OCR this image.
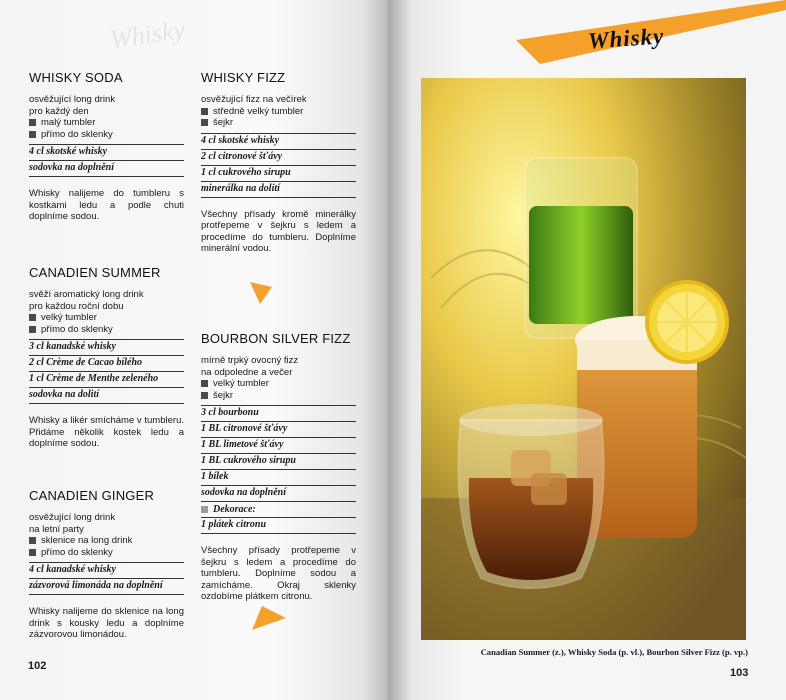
Whisky
WHISKY SODA
osvěžující long drink
pro každý den
malý tumbler
přímo do sklenky
4 cl skotské whisky
sodovka na doplnění
Whisky nalijeme do tumbleru s kostkami ledu a podle chuti doplníme sodou.
CANADIEN SUMMER
svěží aromatický long drink
pro každou roční dobu
velký tumbler
přímo do sklenky
3 cl kanadské whisky
2 cl Crème de Cacao bílého
1 cl Crème de Menthe zeleného
sodovka na dolití
Whisky a likér smícháme v tumbleru. Přidáme několik kostek ledu a doplníme sodou.
CANADIEN GINGER
osvěžující long drink
na letní party
sklenice na long drink
přímo do sklenky
4 cl kanadské whisky
zázvorová limonáda na doplnění
Whisky nalijeme do sklenice na long drink s kousky ledu a doplníme zázvorovou limonádou.
WHISKY FIZZ
osvěžující fizz na večírek
středně velký tumbler
šejkr
4 cl skotské whisky
2 cl citronové šťávy
1 cl cukrového sirupu
minerálka na dolití
Všechny přísady kromě minerálky protřepeme v šejkru s ledem a procedíme do tumbleru. Doplníme minerální vodou.
BOURBON SILVER FIZZ
mírně trpký ovocný fizz
na odpoledne a večer
velký tumbler
šejkr
3 cl bourbonu
1 BL citronové šťávy
1 BL limetové šťávy
1 BL cukrového sirupu
1 bílek
sodovka na doplnění
Dekorace:
1 plátek citronu
Všechny přísady protřepeme v šejkru s ledem a procedíme do tumbleru. Doplníme sodou a zamícháme. Okraj sklenky ozdobíme plátkem citronu.
102
Whisky
Canadian Summer (z.), Whisky Soda (p. vl.), Bourbon Silver Fizz (p. vp.)
103
